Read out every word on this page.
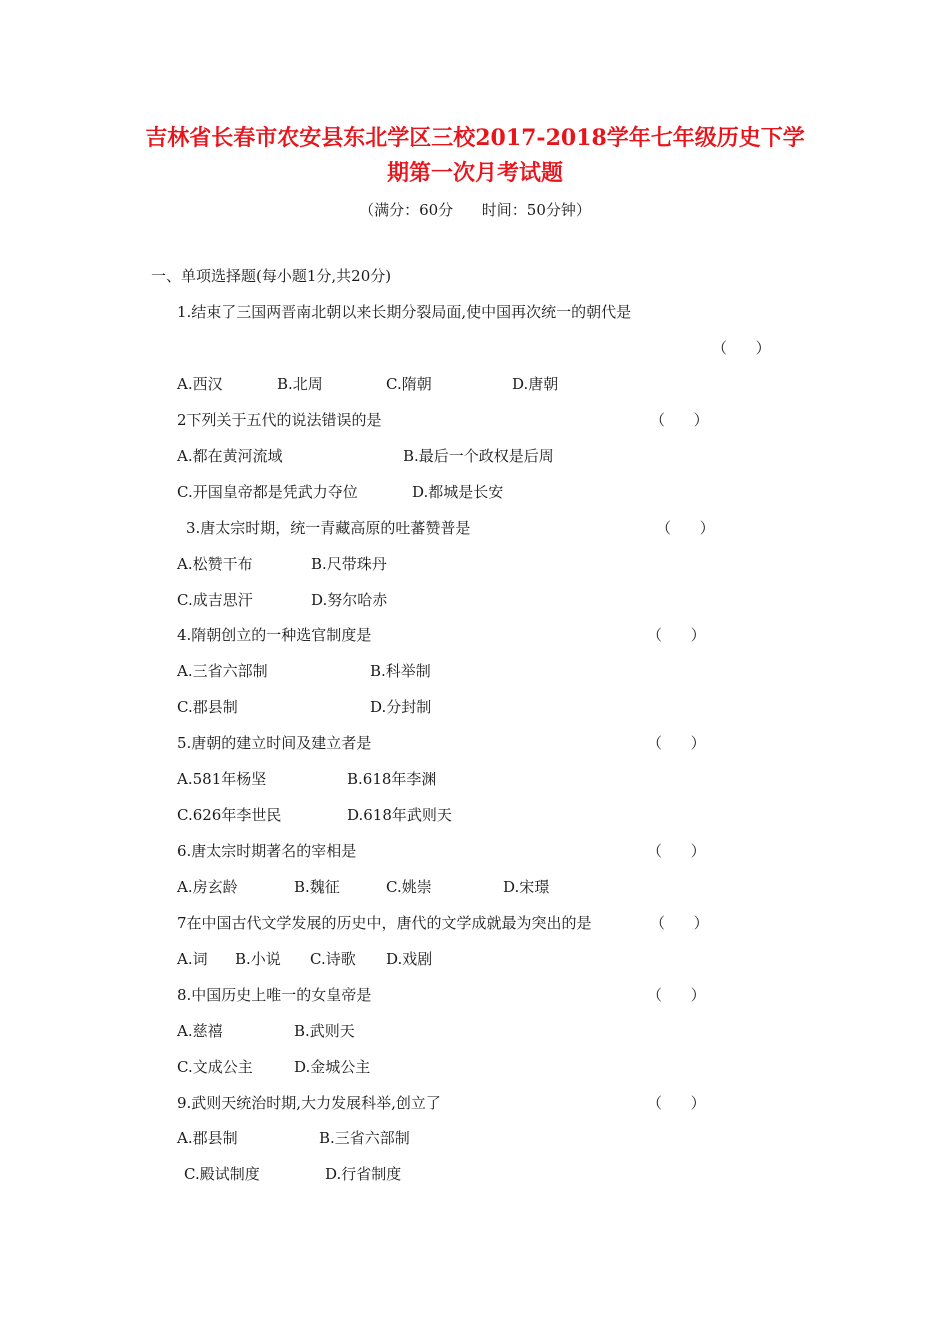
吉林省长春市农安县东北学区三校2017-2018学年七年级历史下学
期第一次月考试题
（满分：60分      时间：50分钟）
一、单项选择题(每小题1分,共20分)
1.结束了三国两晋南北朝以来长期分裂局面,使中国再次统一的朝代是
（      ）
A.西汉	B.北周	C.隋朝	D.唐朝
2下列关于五代的说法错误的是	（      ）
A.都在黄河流域	B.最后一个政权是后周
C.开国皇帝都是凭武力夺位	D.都城是长安
3.唐太宗时期，统一青藏高原的吐蕃赞普是	（      ）
A.松赞干布	B.尺带珠丹
C.成吉思汗	D.努尔哈赤
4.隋朝创立的一种选官制度是	（      ）
A.三省六部制	B.科举制
C.郡县制	D.分封制
5.唐朝的建立时间及建立者是	（      ）
A.581年杨坚	B.618年李渊
C.626年李世民	D.618年武则天
6.唐太宗时期著名的宰相是	（      ）
A.房玄龄	B.魏征	C.姚崇	D.宋璟
7在中国古代文学发展的历史中，唐代的文学成就最为突出的是	（      ）
A.词 B.小说 C.诗歌 D.戏剧
8.中国历史上唯一的女皇帝是	（      ）
A.慈禧	B.武则天
C.文成公主	D.金城公主
9.武则天统治时期,大力发展科举,创立了	（      ）
A.郡县制	B.三省六部制
C.殿试制度	D.行省制度
